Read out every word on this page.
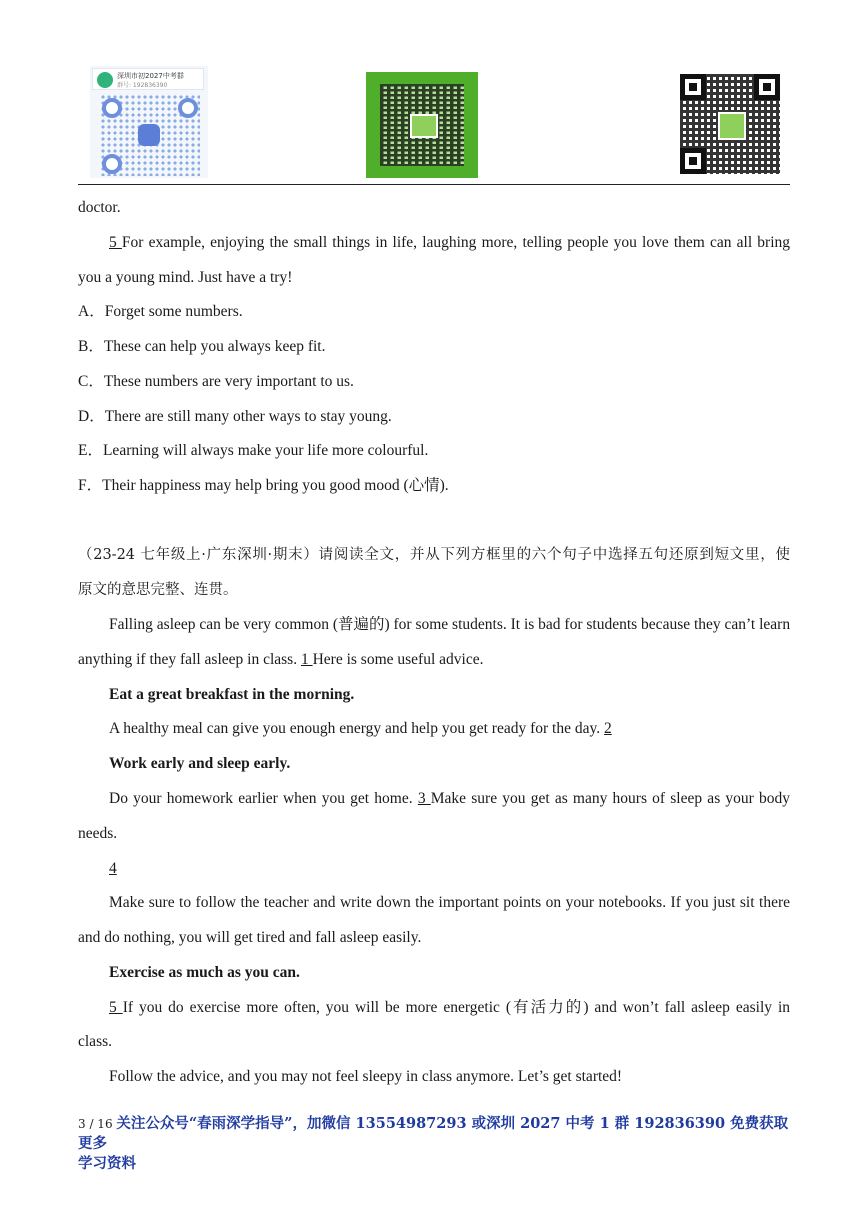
深圳市初2027中考群
群号: 192836390
doctor.
5 For example, enjoying the small things in life, laughing more, telling people you love them can all bring
you a young mind. Just have a try!
A．Forget some numbers.
B．These can help you always keep fit.
C．These numbers are very important to us.
D．There are still many other ways to stay young.
E．Learning will always make your life more colourful.
F．Their happiness may help bring you good mood (心情).
（23-24 七年级上·广东深圳·期末）请阅读全文，并从下列方框里的六个句子中选择五句还原到短文里，使
原文的意思完整、连贯。
Falling asleep can be very common (普遍的) for some students. It is bad for students because they can’t learn
anything if they fall asleep in class. 1 Here is some useful advice.
Eat a great breakfast in the morning.
A healthy meal can give you enough energy and help you get ready for the day. 2
Work early and sleep early.
Do your homework earlier when you get home. 3 Make sure you get as many hours of sleep as your body
needs.
4
Make sure to follow the teacher and write down the important points on your notebooks. If you just sit there
and do nothing, you will get tired and fall asleep easily.
Exercise as much as you can.
5 If you do exercise more often, you will be more energetic (有活力的) and won’t fall asleep easily in
class.
Follow the advice, and you may not feel sleepy in class anymore. Let’s get started!
3 / 16 关注公众号“春雨深学指导”，加微信 13554987293 或深圳 2027 中考 1 群 192836390 免费获取更多
学习资料
